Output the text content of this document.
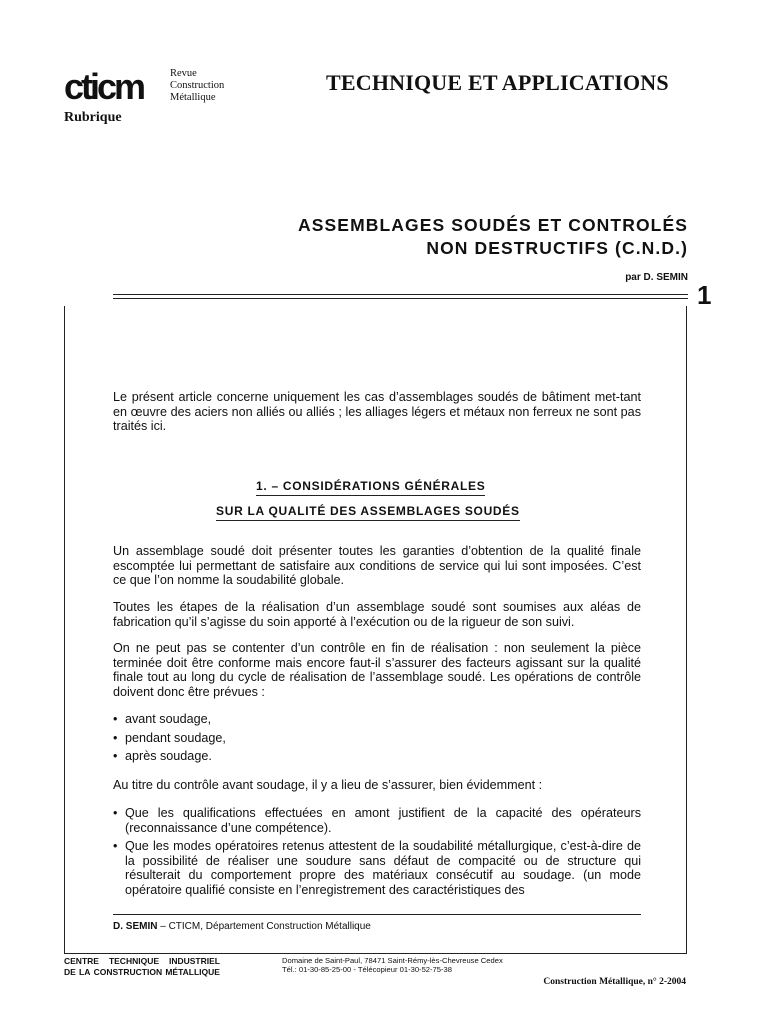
cticm	Revue
Construction
Métallique
Rubrique
TECHNIQUE ET APPLICATIONS
ASSEMBLAGES SOUDÉS ET CONTROLÉS
NON DESTRUCTIFS (C.N.D.)
par D. SEMIN
1
Le présent article concerne uniquement les cas d’assemblages soudés de bâtiment met-tant en œuvre des aciers non alliés ou alliés ; les alliages légers et métaux non ferreux ne sont pas traités ici.
1. – CONSIDÉRATIONS GÉNÉRALES
SUR LA QUALITÉ DES ASSEMBLAGES SOUDÉS
Un assemblage soudé doit présenter toutes les garanties d’obtention de la qualité finale escomptée lui permettant de satisfaire aux conditions de service qui lui sont imposées. C’est ce que l’on nomme la soudabilité globale.
Toutes les étapes de la réalisation d’un assemblage soudé sont soumises aux aléas de fabrication qu’il s’agisse du soin apporté à l’exécution ou de la rigueur de son suivi.
On ne peut pas se contenter d’un contrôle en fin de réalisation : non seulement la pièce terminée doit être conforme mais encore faut-il s’assurer des facteurs agissant sur la qualité finale tout au long du cycle de réalisation de l’assemblage soudé. Les opérations de contrôle doivent donc être prévues :
• avant soudage,
• pendant soudage,
• après soudage.
Au titre du contrôle avant soudage, il y a lieu de s’assurer, bien évidemment :
• Que les qualifications effectuées en amont justifient de la capacité des opérateurs (reconnaissance d’une compétence).
• Que les modes opératoires retenus attestent de la soudabilité métallurgique, c’est-à-dire de la possibilité de réaliser une soudure sans défaut de compacité ou de structure qui résulterait du comportement propre des matériaux consécutif au soudage. (un mode opératoire qualifié consiste en l’enregistrement des caractéristiques des
D. SEMIN – CTICM, Département Construction Métallique
CENTRE TECHNIQUE INDUSTRIEL
DE LA CONSTRUCTION MÉTALLIQUE
Domaine de Saint-Paul, 78471 Saint-Rémy-lès-Chevreuse Cedex
Tél.: 01-30-85-25-00 - Télécopieur 01-30-52-75-38
Construction Métallique, n° 2-2004
